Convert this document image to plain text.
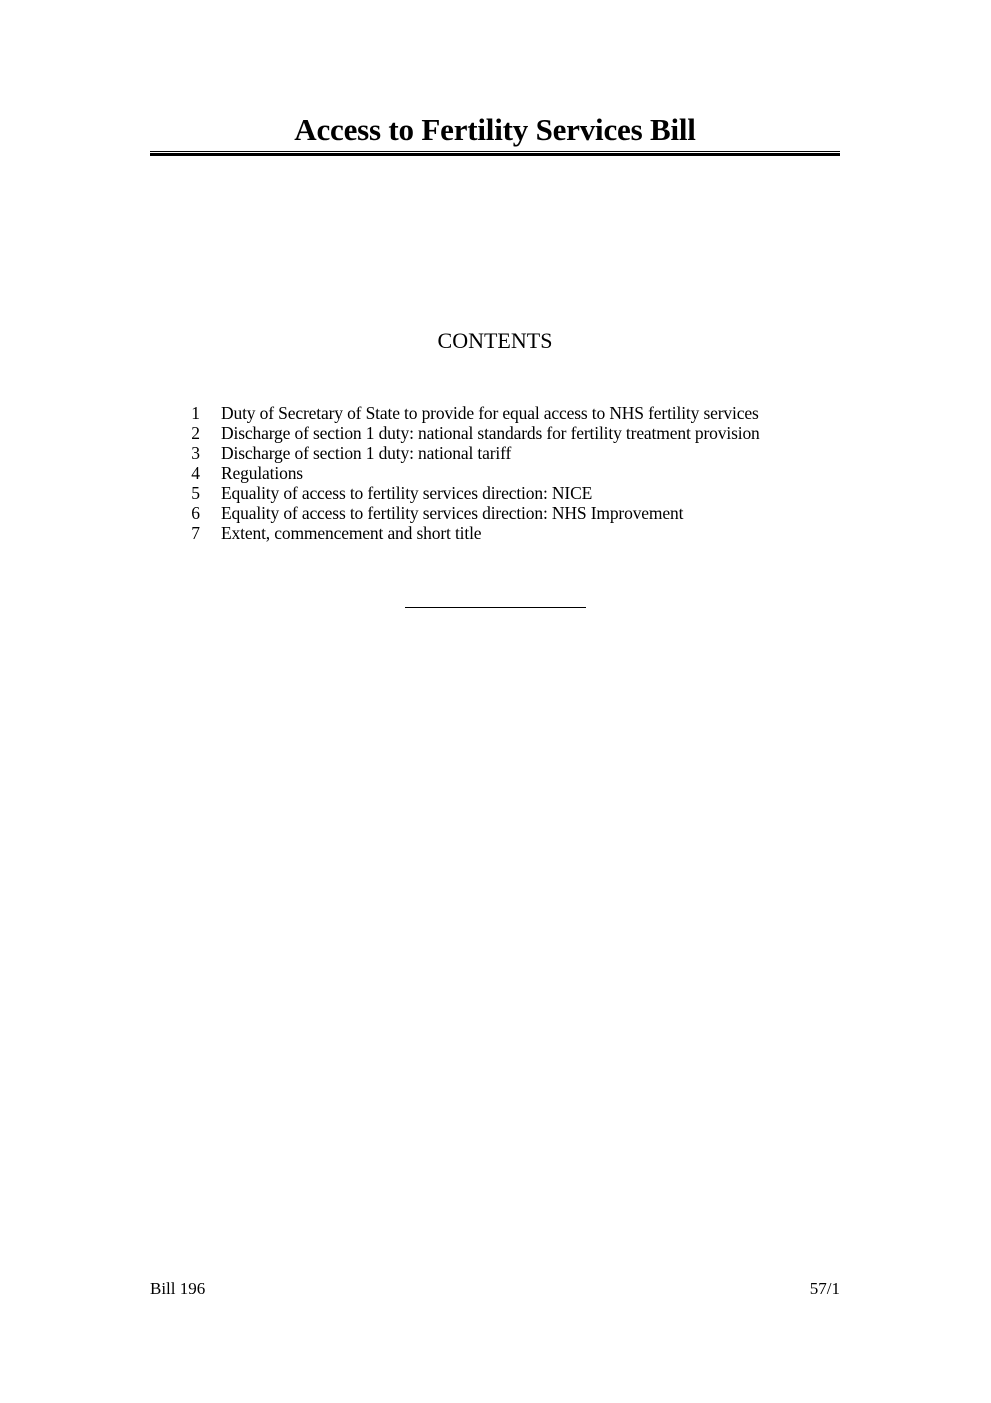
Access to Fertility Services Bill
CONTENTS
1	Duty of Secretary of State to provide for equal access to NHS fertility services
2	Discharge of section 1 duty: national standards for fertility treatment provision
3	Discharge of section 1 duty: national tariff
4	Regulations
5	Equality of access to fertility services direction: NICE
6	Equality of access to fertility services direction: NHS Improvement
7	Extent, commencement and short title
Bill 196	57/1
